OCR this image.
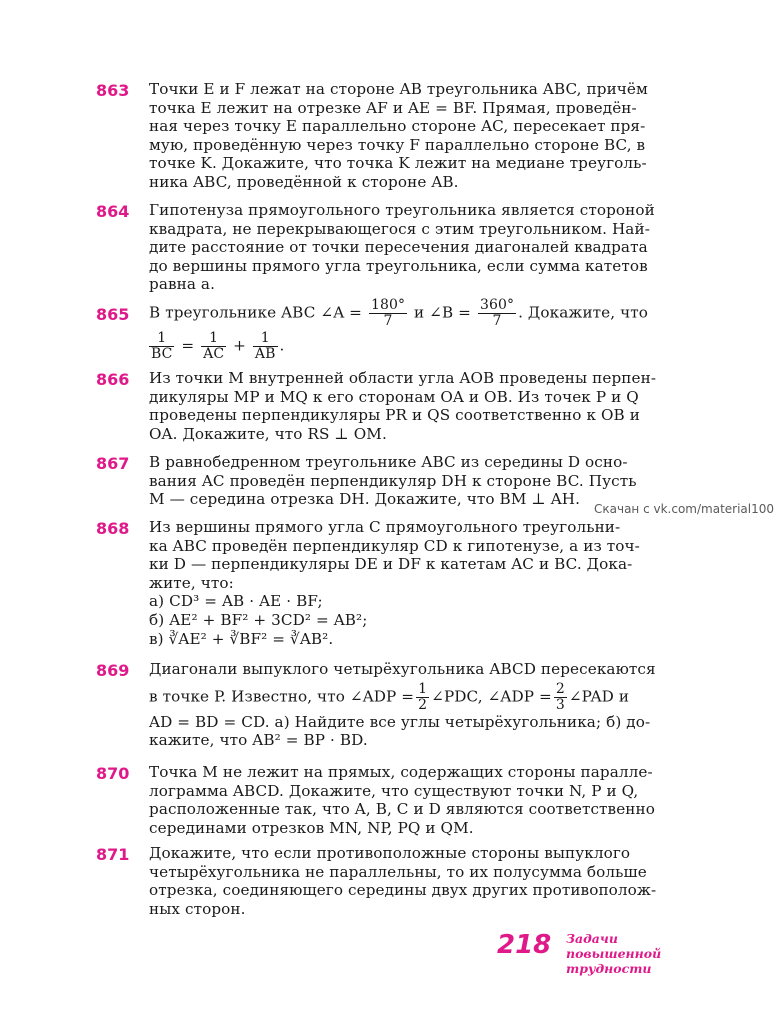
863	Точки E и F лежат на стороне AB треугольника ABC, причём
точка E лежит на отрезке AF и AE = BF. Прямая, проведён-
ная через точку E параллельно стороне AC, пересекает пря-
мую, проведённую через точку F параллельно стороне BC, в
точке K. Докажите, что точка K лежит на медиане треуголь-
ника ABC, проведённой к стороне AB.
864	Гипотенуза прямоугольного треугольника является стороной
квадрата, не перекрывающегося с этим треугольником. Най-
дите расстояние от точки пересечения диагоналей квадрата
до вершины прямого угла треугольника, если сумма катетов
равна a.
865	В треугольнике ABC ∠A = $\frac{180^\circ}{7}$ и ∠B = $\frac{360^\circ}{7}$ . Докажите, что
$\frac{1}{BC} = \frac{1}{AC} + \frac{1}{AB}$ .
866	Из точки M внутренней области угла AOB проведены перпен-
дикуляры MP и MQ к его сторонам OA и OB. Из точек P и Q
проведены перпендикуляры PR и QS соответственно к OB и
OA. Докажите, что RS ⊥ OM.
867	В равнобедренном треугольнике ABC из середины D осно-
вания AC проведён перпендикуляр DH к стороне BC. Пусть
M — середина отрезка DH. Докажите, что BM ⊥ AH.
Скачан с vk.com/material100
868	Из вершины прямого угла C прямоугольного треугольни-
ка ABC проведён перпендикуляр CD к гипотенузе, а из точ-
ки D — перпендикуляры DE и DF к катетам AC и BC. Дока-
жите, что:
а) CD³ = AB · AE · BF;
б) AE² + BF² + 3CD² = AB²;
в) ∛AE² + ∛BF² = ∛AB².
869	Диагонали выпуклого четырёхугольника ABCD пересекаются
в точке P. Известно, что ∠ADP = $\frac{1}{2}$ ∠PDC, ∠ADP = $\frac{2}{3}$ ∠PAD и
AD = BD = CD. а) Найдите все углы четырёхугольника; б) до-
кажите, что AB² = BP · BD.
870	Точка M не лежит на прямых, содержащих стороны паралле-
лограмма ABCD. Докажите, что существуют точки N, P и Q,
расположенные так, что A, B, C и D являются соответственно
серединами отрезков MN, NP, PQ и QM.
871	Докажите, что если противоположные стороны выпуклого
четырёхугольника не параллельны, то их полусумма больше
отрезка, соединяющего середины двух других противополож-
ных сторон.
218 Задачи повышенной
трудности
